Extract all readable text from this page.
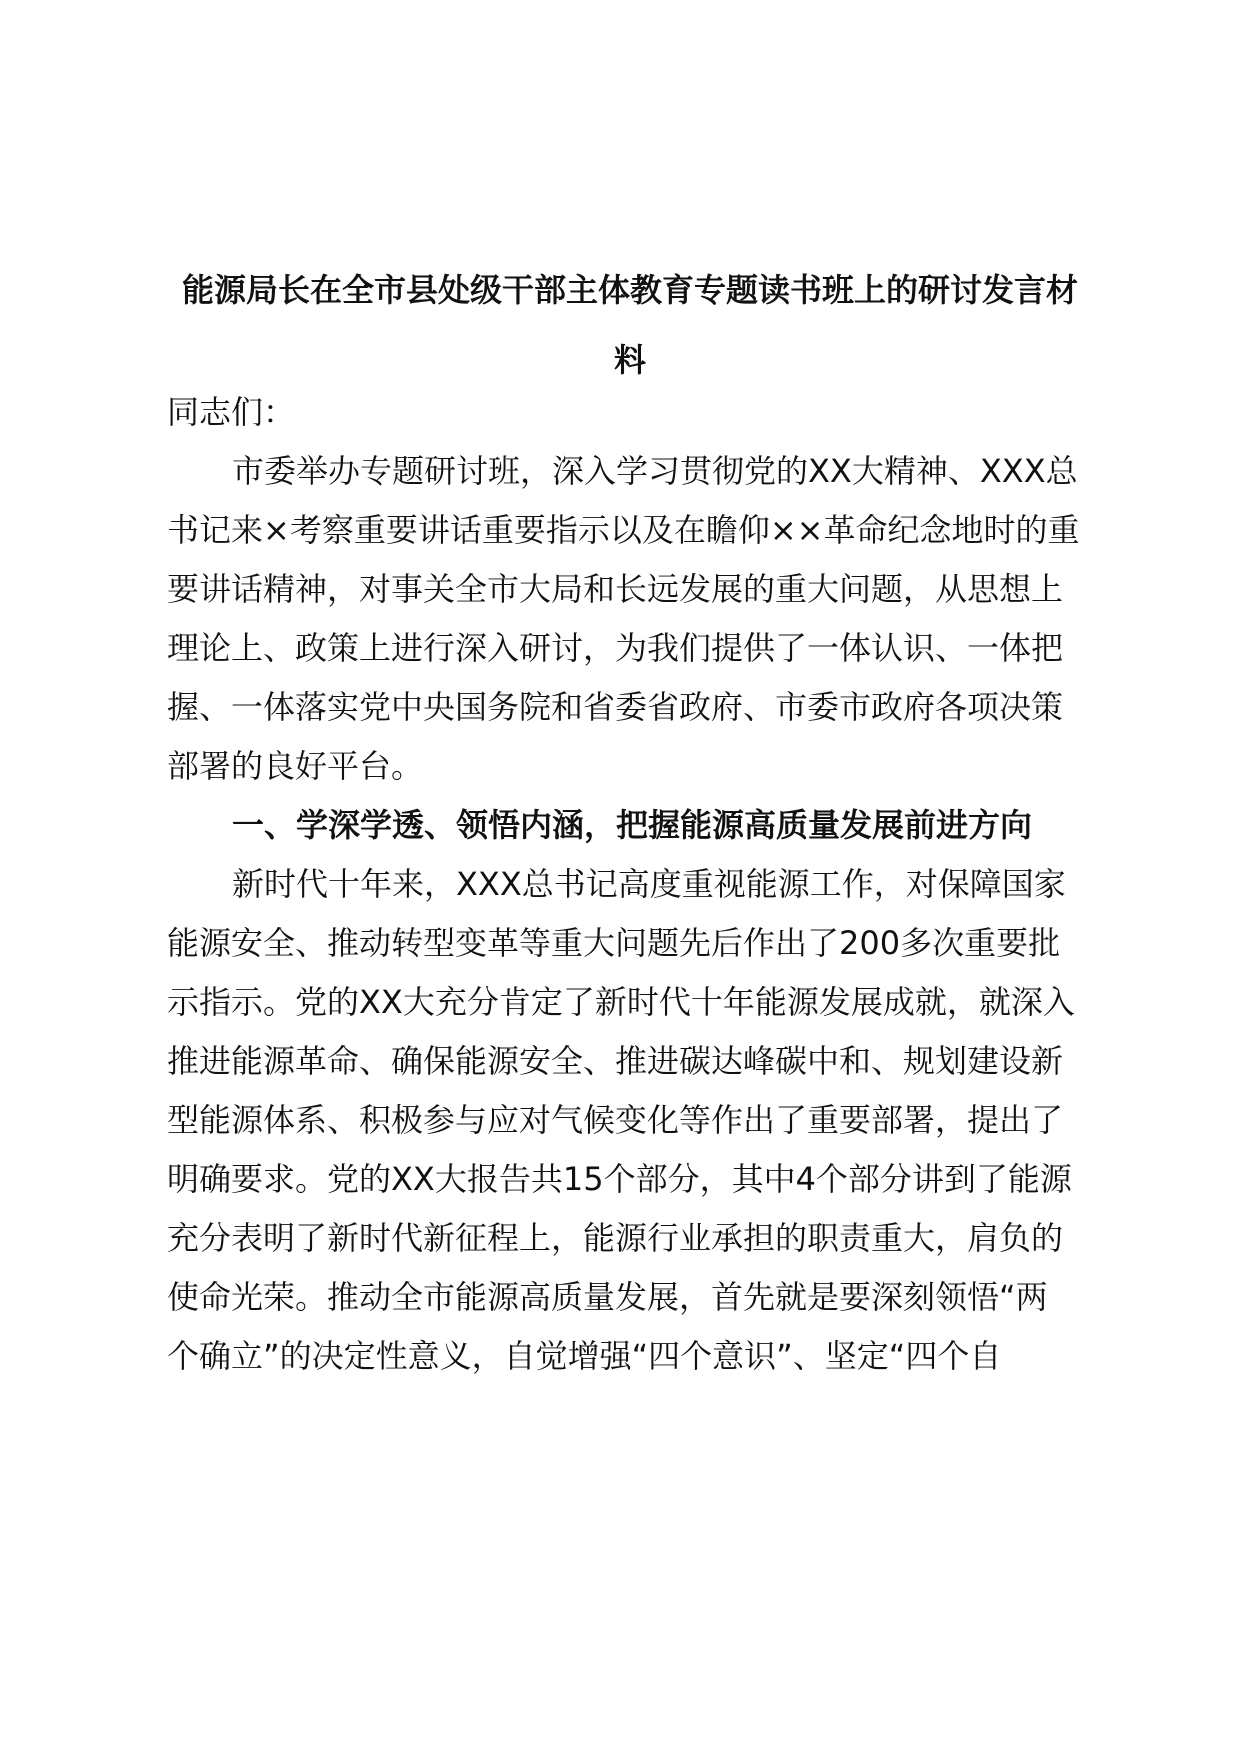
能源局长在全市县处级干部主体教育专题读书班上的研讨发言材
料
同志们：
市委举办专题研讨班，深入学习贯彻党的XX大精神、XXX总
书记来×考察重要讲话重要指示以及在瞻仰××革命纪念地时的重
要讲话精神，对事关全市大局和长远发展的重大问题，从思想上
理论上、政策上进行深入研讨，为我们提供了一体认识、一体把
握、一体落实党中央国务院和省委省政府、市委市政府各项决策
部署的良好平台。
一、学深学透、领悟内涵，把握能源高质量发展前进方向
新时代十年来，XXX总书记高度重视能源工作，对保障国家
能源安全、推动转型变革等重大问题先后作出了200多次重要批
示指示。党的XX大充分肯定了新时代十年能源发展成就，就深入
推进能源革命、确保能源安全、推进碳达峰碳中和、规划建设新
型能源体系、积极参与应对气候变化等作出了重要部署，提出了
明确要求。党的XX大报告共15个部分，其中4个部分讲到了能源
充分表明了新时代新征程上，能源行业承担的职责重大，肩负的
使命光荣。推动全市能源高质量发展，首先就是要深刻领悟“两
个确立”的决定性意义，自觉增强“四个意识”、坚定“四个自
